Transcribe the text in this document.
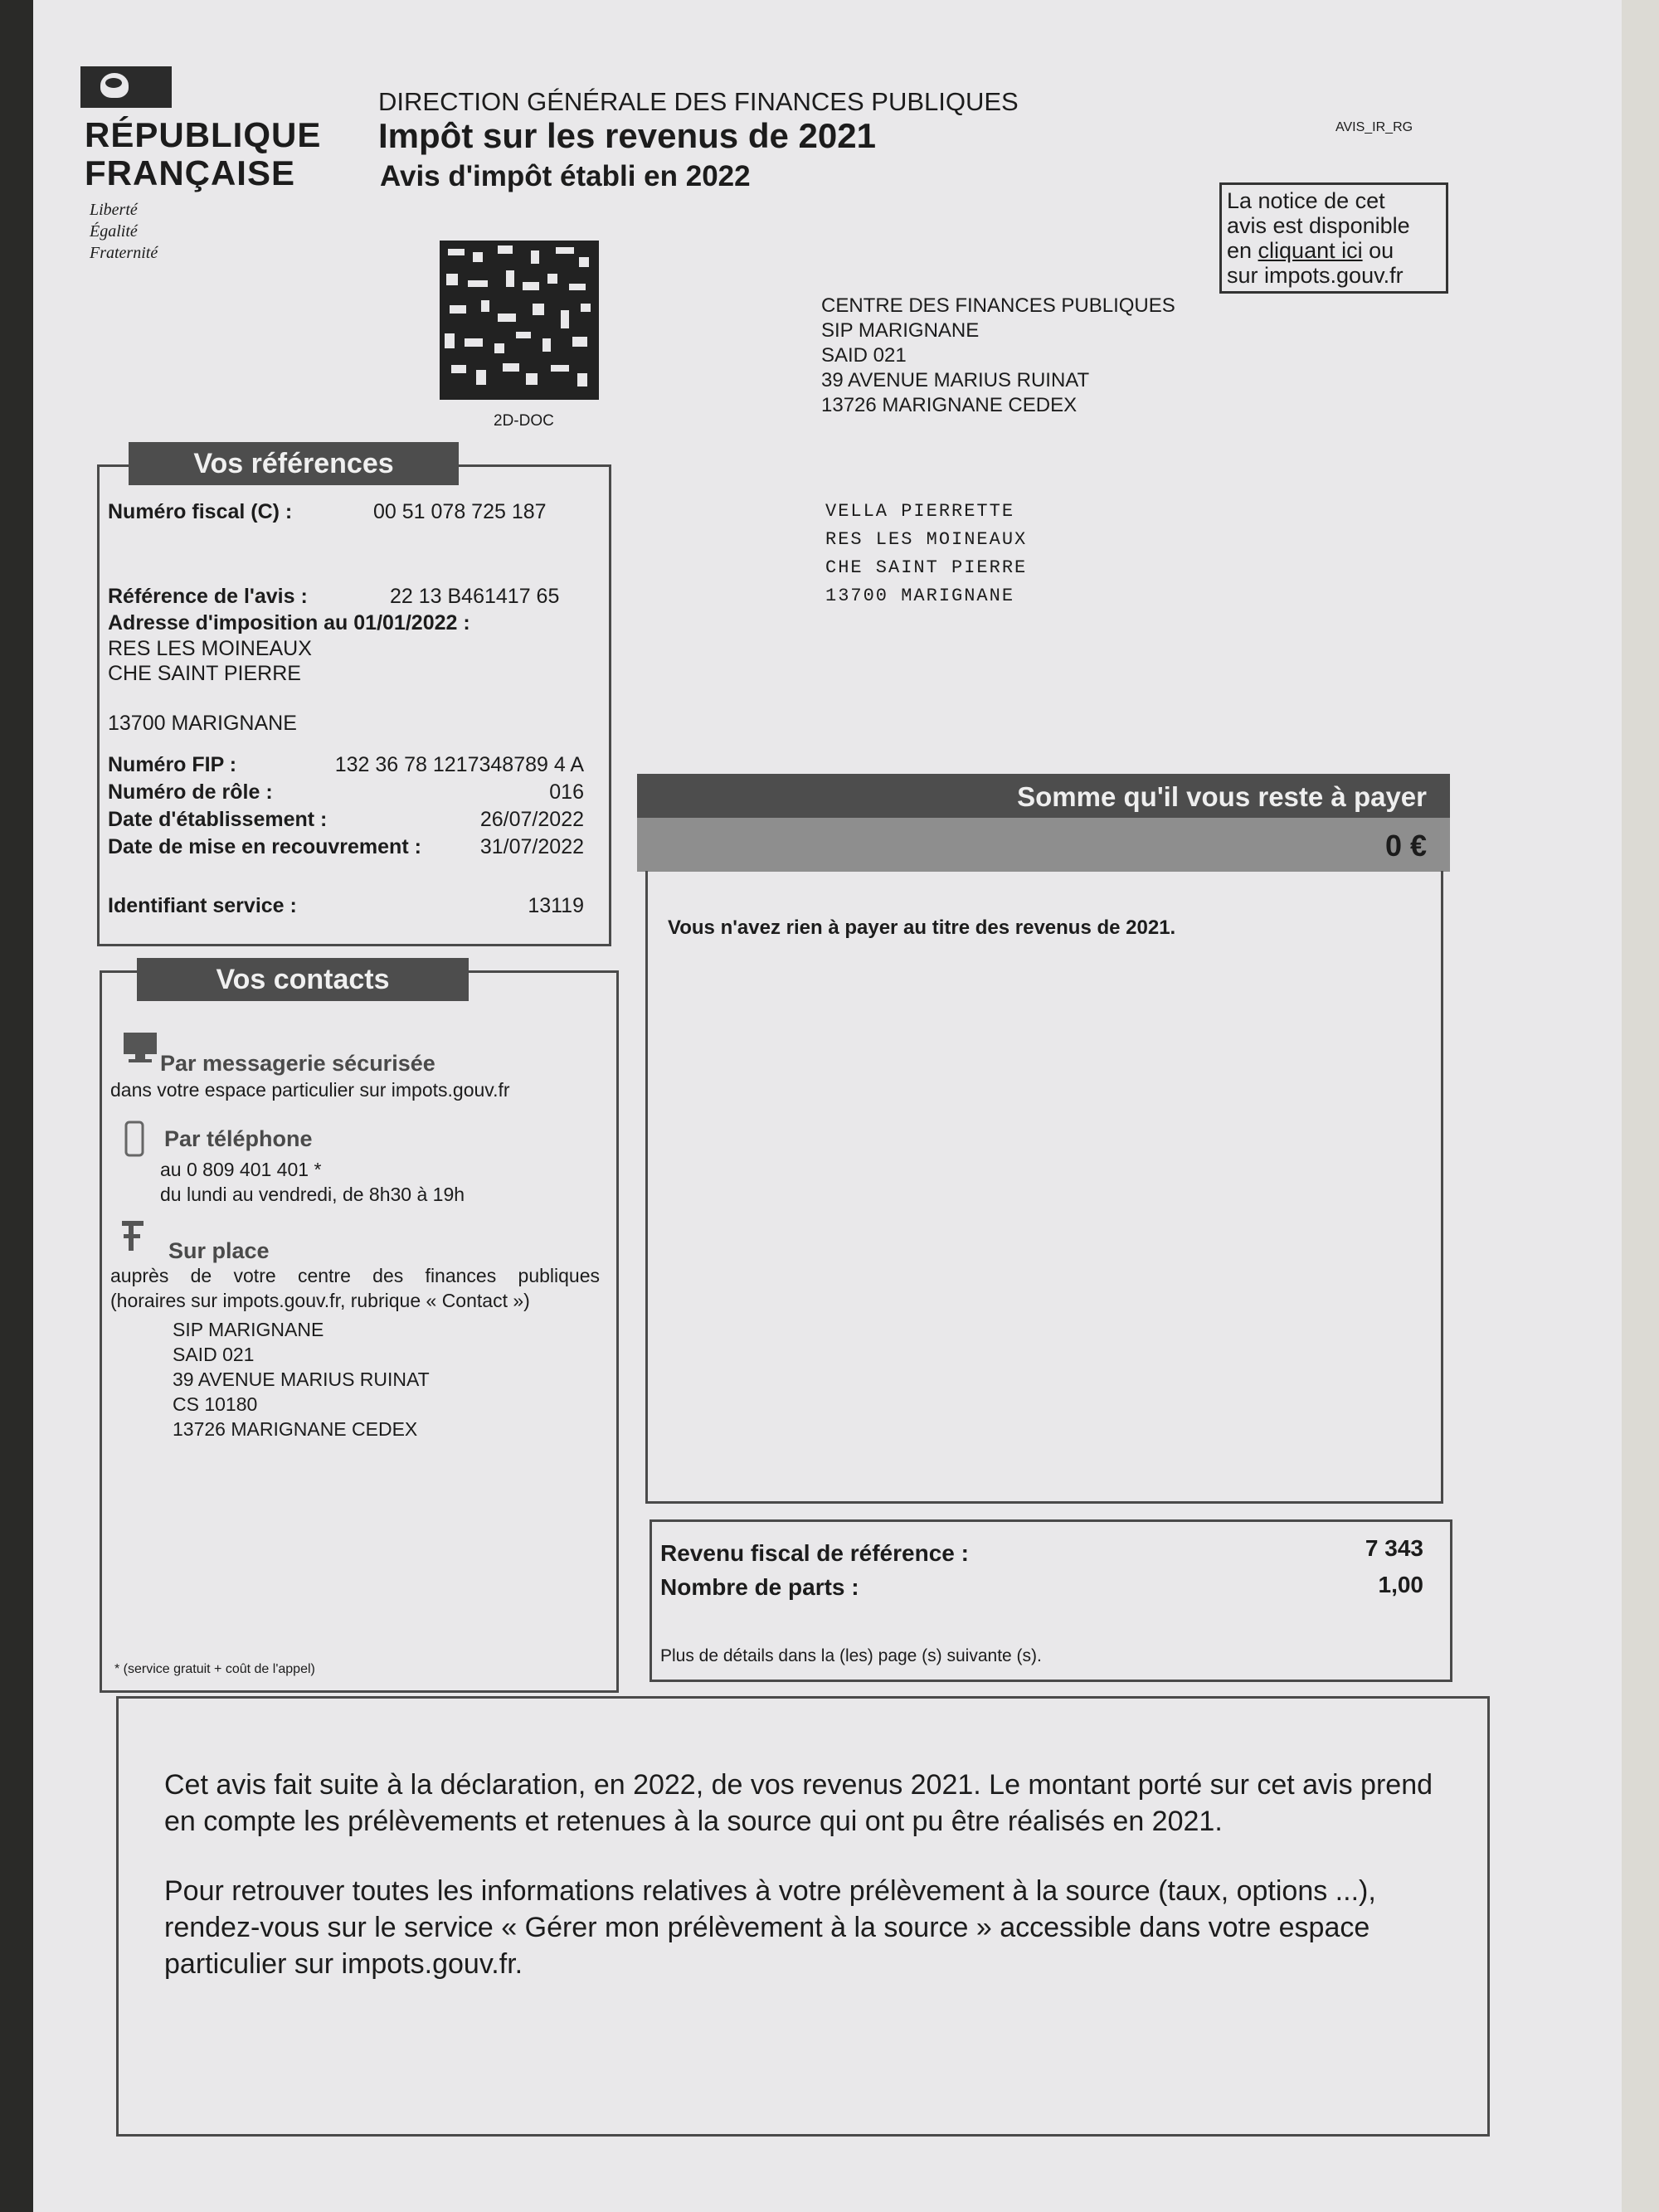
RÉPUBLIQUE
FRANÇAISE
Liberté
Égalité
Fraternité
DIRECTION GÉNÉRALE DES FINANCES PUBLIQUES
Impôt sur les revenus de 2021
Avis d'impôt établi en 2022
AVIS_IR_RG
La notice de cet
avis est disponible
en cliquant ici ou
sur impots.gouv.fr
2D-DOC
CENTRE DES FINANCES PUBLIQUES
SIP MARIGNANE
SAID 021
39 AVENUE MARIUS RUINAT
13726 MARIGNANE CEDEX
VELLA PIERRETTE
RES LES MOINEAUX
CHE SAINT PIERRE
13700 MARIGNANE
Numéro fiscal (C) :	00 51 078 725 187
Référence de l'avis :	22 13 B461417 65
Adresse d'imposition au 01/01/2022 :
RES LES MOINEAUX
CHE SAINT PIERRE
13700 MARIGNANE
Numéro FIP :	132 36 78 1217348789 4 A
Numéro de rôle :	016
Date d'établissement :	26/07/2022
Date de mise en recouvrement :	31/07/2022
Identifiant service :	13119
Vos références
Par messagerie sécurisée
dans votre espace particulier sur impots.gouv.fr
Par téléphone
au 0 809 401 401 *
du lundi au vendredi, de 8h30 à 19h
Sur place
auprès de votre centre des finances publiques
(horaires sur impots.gouv.fr, rubrique « Contact »)
SIP MARIGNANE
SAID 021
39 AVENUE MARIUS RUINAT
CS 10180
13726 MARIGNANE CEDEX
* (service gratuit + coût de l'appel)
Vos contacts
Somme qu'il vous reste à payer
0 €
Vous n'avez rien à payer au titre des revenus de 2021.
Revenu fiscal de référence :	7 343
Nombre de parts :	1,00
Plus de détails dans la (les) page (s) suivante (s).

Cet avis fait suite à la déclaration, en 2022, de vos revenus 2021. Le montant porté sur cet avis prend en compte les prélèvements et retenues à la source qui ont pu être réalisés en 2021.

Pour retrouver toutes les informations relatives à votre prélèvement à la source (taux, options ...), rendez-vous sur le service « Gérer mon prélèvement à la source » accessible dans votre espace particulier sur impots.gouv.fr.
